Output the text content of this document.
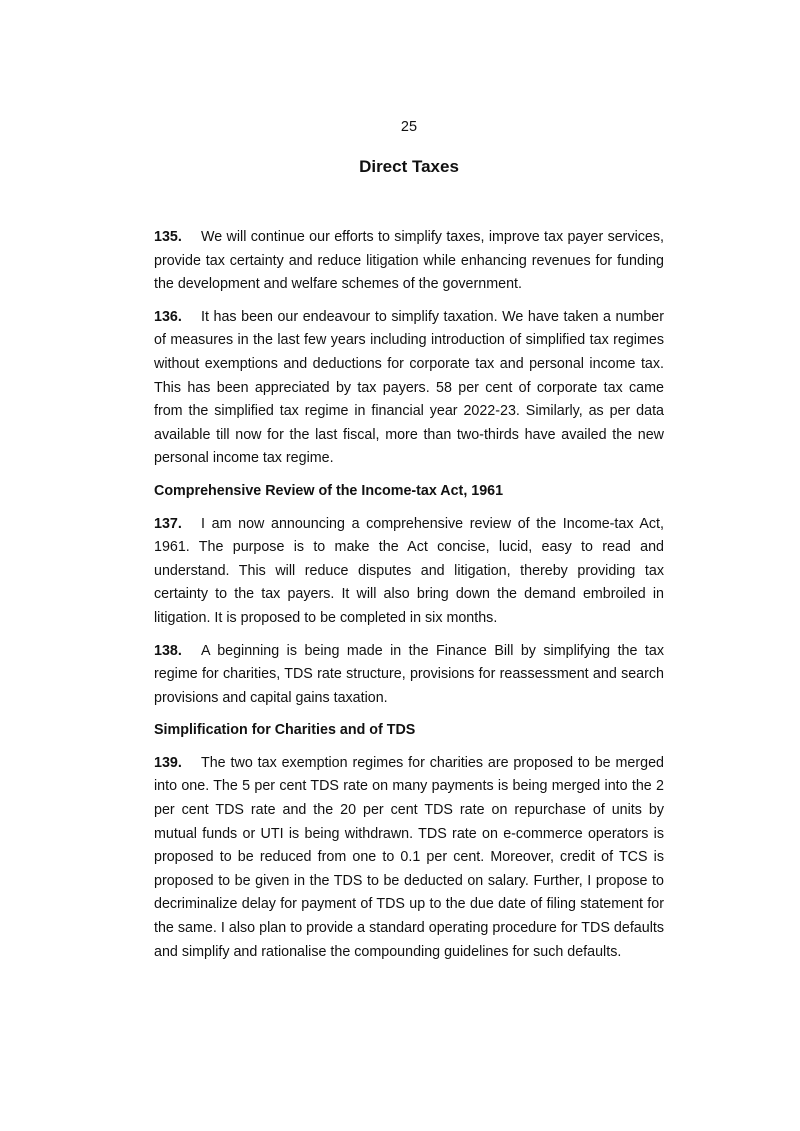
25

Direct Taxes

135. We will continue our efforts to simplify taxes, improve tax payer services, provide tax certainty and reduce litigation while enhancing revenues for funding the development and welfare schemes of the government.

136. It has been our endeavour to simplify taxation. We have taken a number of measures in the last few years including introduction of simplified tax regimes without exemptions and deductions for corporate tax and personal income tax. This has been appreciated by tax payers. 58 per cent of corporate tax came from the simplified tax regime in financial year 2022-23. Similarly, as per data available till now for the last fiscal, more than two-thirds have availed the new personal income tax regime.

Comprehensive Review of the Income-tax Act, 1961

137. I am now announcing a comprehensive review of the Income-tax Act, 1961. The purpose is to make the Act concise, lucid, easy to read and understand. This will reduce disputes and litigation, thereby providing tax certainty to the tax payers. It will also bring down the demand embroiled in litigation. It is proposed to be completed in six months.

138. A beginning is being made in the Finance Bill by simplifying the tax regime for charities, TDS rate structure, provisions for reassessment and search provisions and capital gains taxation.

Simplification for Charities and of TDS

139. The two tax exemption regimes for charities are proposed to be merged into one. The 5 per cent TDS rate on many payments is being merged into the 2 per cent TDS rate and the 20 per cent TDS rate on repurchase of units by mutual funds or UTI is being withdrawn. TDS rate on e-commerce operators is proposed to be reduced from one to 0.1 per cent. Moreover, credit of TCS is proposed to be given in the TDS to be deducted on salary. Further, I propose to decriminalize delay for payment of TDS up to the due date of filing statement for the same. I also plan to provide a standard operating procedure for TDS defaults and simplify and rationalise the compounding guidelines for such defaults.
